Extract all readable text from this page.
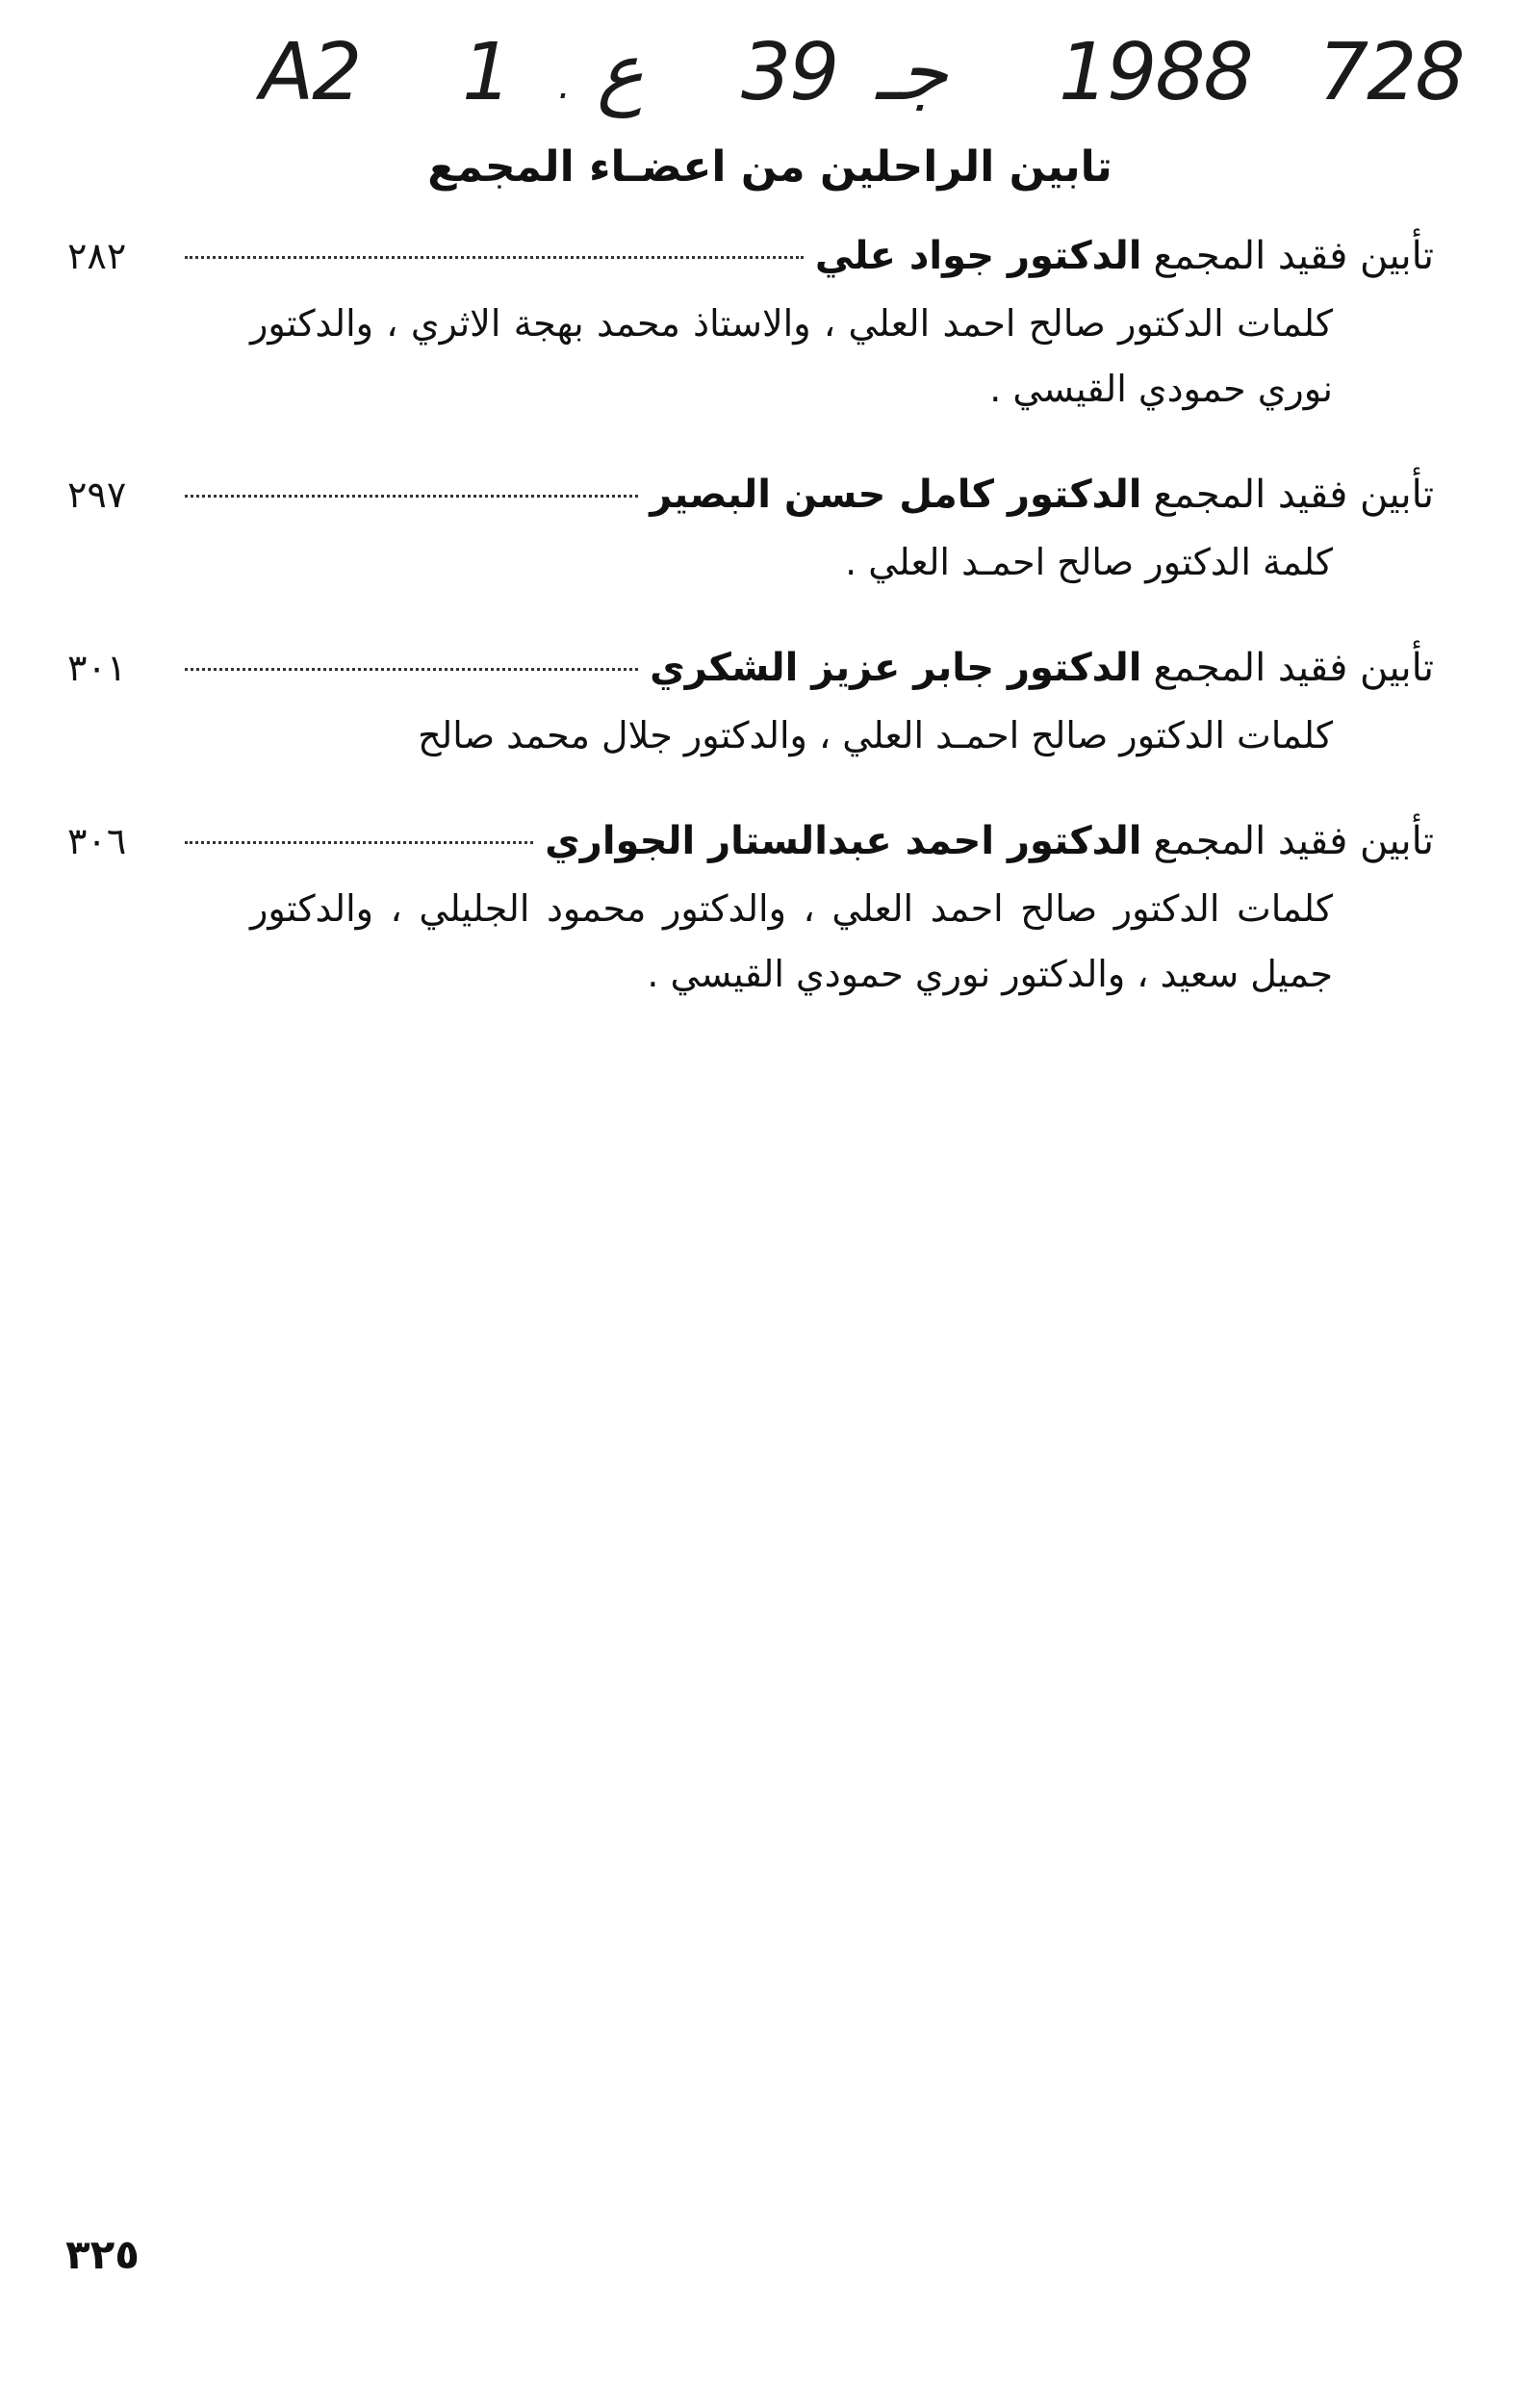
A2 1 . ع 39 جـ 1988 728
تابين الراحلين من اعضـاء المجمع
تأبين فقيد المجمع
الدكتور جواد علي
٢٨٢
كلمات الدكتور صالح احمد العلي ، والاستاذ محمد بهجة الاثري ، والدكتور نوري حمودي القيسي .
تأبين فقيد المجمع
الدكتور كامل حسن البصير
٢٩٧
كلمة الدكتور صالح احمـد العلي .
تأبين فقيد المجمع
الدكتور جابر عزيز الشكري
٣٠١
كلمات الدكتور صالح احمـد العلي ، والدكتور جلال محمد صالح
تأبين فقيد المجمع
الدكتور احمد عبدالستار الجواري
٣٠٦
كلمات الدكتور صالح احمد العلي ، والدكتور محمود الجليلي ، والدكتور جميل سعيد ، والدكتور نوري حمودي القيسي .
٣٢٥
